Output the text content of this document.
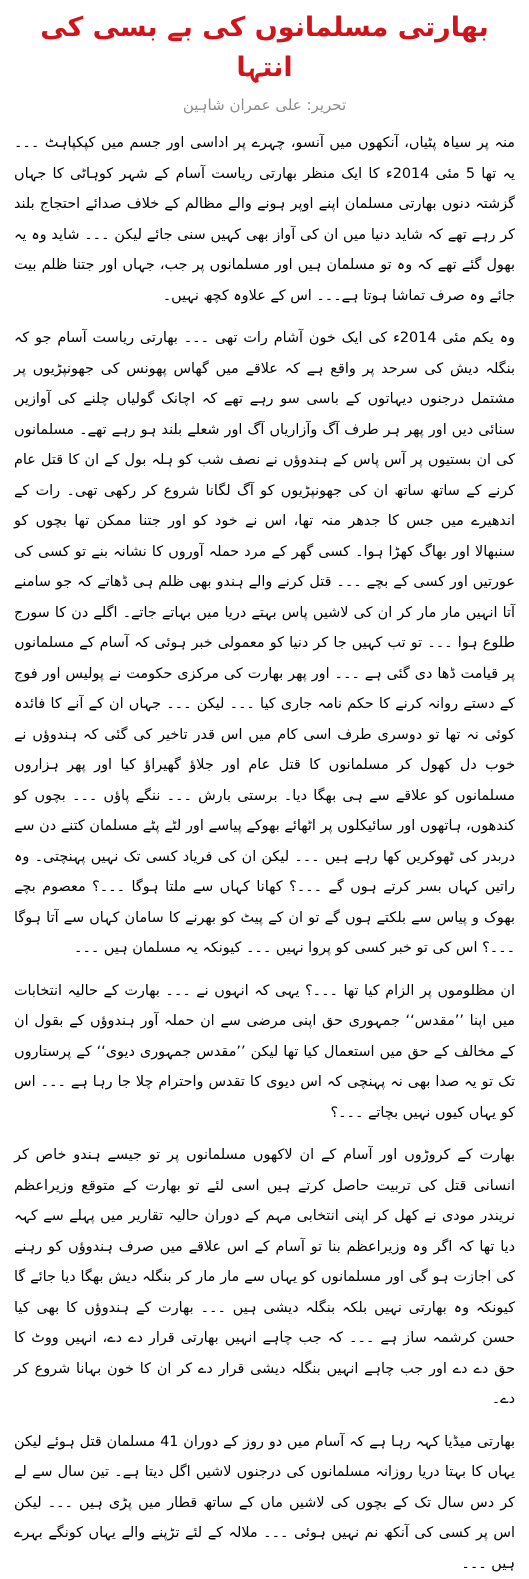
بھارتی مسلمانوں کی بے بسی کی انتہا
تحریر: علی عمران شاہین

منہ پر سیاہ پٹیاں، آنکھوں میں آنسو، چہرے پر اداسی اور جسم میں کپکپاہٹ ۔۔۔ یہ تھا 5 مئی 2014ء کا ایک منظر بھارتی ریاست آسام کے شہر کوہاٹی کا جہاں گزشتہ دنوں بھارتی مسلمان اپنے اوپر ہونے والے مظالم کے خلاف صدائے احتجاج بلند کر رہے تھے کہ شاید دنیا میں ان کی آواز بھی کہیں سنی جائے لیکن ۔۔۔ شاید وہ یہ بھول گئے تھے کہ وہ تو مسلمان ہیں اور مسلمانوں پر جب، جہاں اور جتنا ظلم بیت جائے وہ صرف تماشا ہوتا ہے۔۔۔ اس کے علاوہ کچھ نہیں۔

وہ یکم مئی 2014ء کی ایک خون آشام رات تھی ۔۔۔ بھارتی ریاست آسام جو کہ بنگلہ دیش کی سرحد پر واقع ہے کہ علاقے میں گھاس پھونس کی جھونپڑیوں پر مشتمل درجنوں دیہاتوں کے باسی سو رہے تھے کہ اچانک گولیاں چلنے کی آوازیں سنائی دیں اور پھر ہر طرف آگ وآزاریاں آگ اور شعلے بلند ہو رہے تھے۔ مسلمانوں کی ان بستیوں پر آس پاس کے ہندوؤں نے نصف شب کو ہلہ بول کے ان کا قتل عام کرنے کے ساتھ ساتھ ان کی جھونپڑیوں کو آگ لگانا شروع کر رکھی تھی۔ رات کے اندھیرے میں جس کا جدھر منہ تھا، اس نے خود کو اور جتنا ممکن تھا بچوں کو سنبھالا اور بھاگ کھڑا ہوا۔ کسی گھر کے مرد حملہ آوروں کا نشانہ بنے تو کسی کی عورتیں اور کسی کے بچے ۔۔۔ قتل کرنے والے ہندو بھی ظلم ہی ڈھاتے کہ جو سامنے آتا انہیں مار مار کر ان کی لاشیں پاس بہتے دریا میں بہاتے جاتے۔ اگلے دن کا سورج طلوع ہوا ۔۔۔ تو تب کہیں جا کر دنیا کو معمولی خبر ہوئی کہ آسام کے مسلمانوں پر قیامت ڈھا دی گئی ہے ۔۔۔ اور پھر بھارت کی مرکزی حکومت نے پولیس اور فوج کے دستے روانہ کرنے کا حکم نامہ جاری کیا ۔۔۔ لیکن ۔۔۔ جہاں ان کے آنے کا فائدہ کوئی نہ تھا تو دوسری طرف اسی کام میں اس قدر تاخیر کی گئی کہ ہندوؤں نے خوب دل کھول کر مسلمانوں کا قتل عام اور جلاؤ گھیراؤ کیا اور پھر ہزاروں مسلمانوں کو علاقے سے ہی بھگا دیا۔ برستی بارش ۔۔۔ ننگے پاؤں ۔۔۔ بچوں کو کندھوں، ہاتھوں اور سائیکلوں پر اٹھائے بھوکے پیاسے اور لٹے پٹے مسلمان کتنے دن سے دربدر کی ٹھوکریں کھا رہے ہیں ۔۔۔ لیکن ان کی فریاد کسی تک نہیں پہنچتی۔ وہ راتیں کہاں بسر کرتے ہوں گے ۔۔۔؟ کھانا کہاں سے ملتا ہوگا ۔۔۔؟ معصوم بچے بھوک و پیاس سے بلکتے ہوں گے تو ان کے پیٹ کو بھرنے کا سامان کہاں سے آتا ہوگا ۔۔۔؟ اس کی تو خبر کسی کو پروا نہیں ۔۔۔ کیونکہ یہ مسلمان ہیں ۔۔۔

ان مظلوموں پر الزام کیا تھا ۔۔۔؟ یہی کہ انہوں نے ۔۔۔ بھارت کے حالیہ انتخابات میں اپنا ’’مقدس‘‘ جمہوری حق اپنی مرضی سے ان حملہ آور ہندوؤں کے بقول ان کے مخالف کے حق میں استعمال کیا تھا لیکن ’’مقدس جمہوری دیوی‘‘ کے پرستاروں تک تو یہ صدا بھی نہ پہنچی کہ اس دیوی کا تقدس واحترام چلا جا رہا ہے ۔۔۔ اس کو یہاں کیوں نہیں بچاتے ۔۔۔؟

بھارت کے کروڑوں اور آسام کے ان لاکھوں مسلمانوں پر تو جیسے ہندو خاص کر انسانی قتل کی تربیت حاصل کرتے ہیں اسی لئے تو بھارت کے متوقع وزیراعظم نریندر مودی نے کھل کر اپنی انتخابی مہم کے دوران حالیہ تقاریر میں پہلے سے کہہ دیا تھا کہ اگر وہ وزیراعظم بنا تو آسام کے اس علاقے میں صرف ہندوؤں کو رہنے کی اجازت ہو گی اور مسلمانوں کو یہاں سے مار مار کر بنگلہ دیش بھگا دیا جائے گا کیونکہ وہ بھارتی نہیں بلکہ بنگلہ دیشی ہیں ۔۔۔ بھارت کے ہندوؤں کا بھی کیا حسن کرشمہ ساز ہے ۔۔۔ کہ جب چاہے انہیں بھارتی قرار دے دے، انہیں ووٹ کا حق دے دے اور جب چاہے انہیں بنگلہ دیشی قرار دے کر ان کا خون بہانا شروع کر دے۔

بھارتی میڈیا کہہ رہا ہے کہ آسام میں دو روز کے دوران 41 مسلمان قتل ہوئے لیکن یہاں کا بہتا دریا روزانہ مسلمانوں کی درجنوں لاشیں اگل دیتا ہے۔ تین سال سے لے کر دس سال تک کے بچوں کی لاشیں ماں کے ساتھ قطار میں پڑی ہیں ۔۔۔ لیکن اس پر کسی کی آنکھ نم نہیں ہوئی ۔۔۔ ملالہ کے لئے تڑپنے والے یہاں کونگے بہرے ہیں ۔۔۔
